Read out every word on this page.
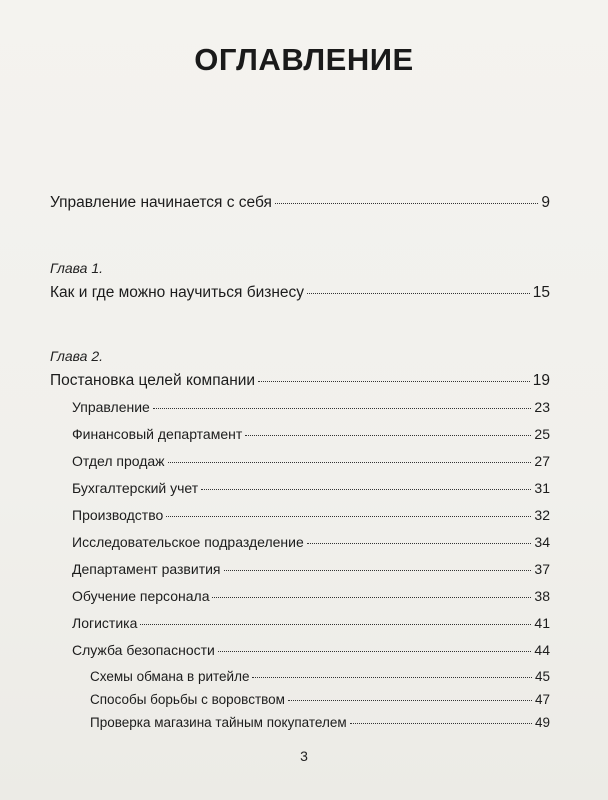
ОГЛАВЛЕНИЕ
Управление начинается с себя	9
Глава 1.
Как и где можно научиться бизнесу	15
Глава 2.
Постановка целей компании	19
Управление	23
Финансовый департамент	25
Отдел продаж	27
Бухгалтерский учет	31
Производство	32
Исследовательское подразделение	34
Департамент развития	37
Обучение персонала	38
Логистика	41
Служба безопасности	44
Схемы обмана в ритейле	45
Способы борьбы с воровством	47
Проверка магазина тайным покупателем	49
3
